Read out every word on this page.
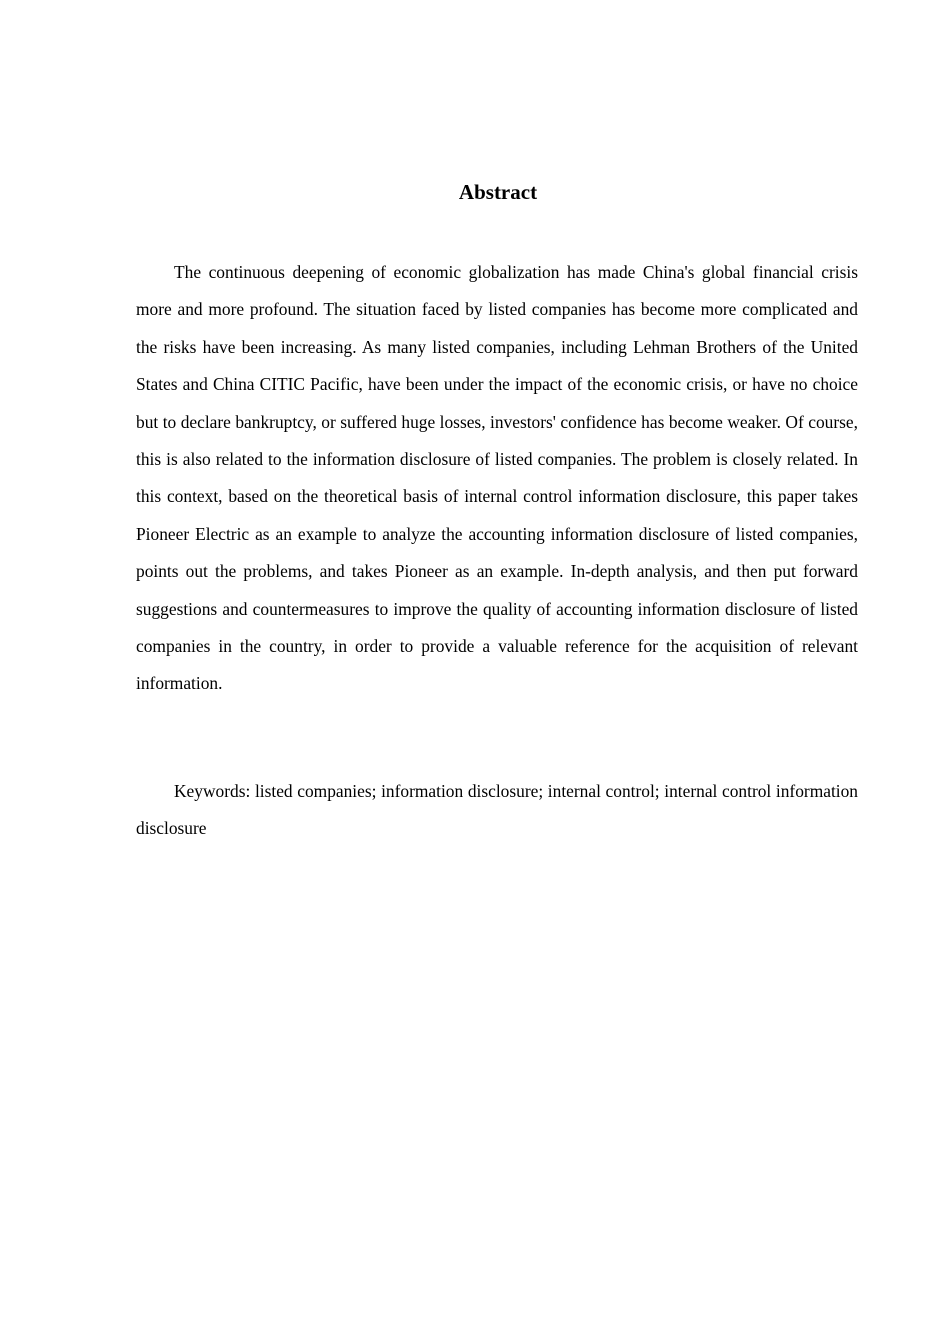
Abstract

The continuous deepening of economic globalization has made China's global financial crisis more and more profound. The situation faced by listed companies has become more complicated and the risks have been increasing. As many listed companies, including Lehman Brothers of the United States and China CITIC Pacific, have been under the impact of the economic crisis, or have no choice but to declare bankruptcy, or suffered huge losses, investors' confidence has become weaker. Of course, this is also related to the information disclosure of listed companies. The problem is closely related. In this context, based on the theoretical basis of internal control information disclosure, this paper takes Pioneer Electric as an example to analyze the accounting information disclosure of listed companies, points out the problems, and takes Pioneer as an example. In-depth analysis, and then put forward suggestions and countermeasures to improve the quality of accounting information disclosure of listed companies in the country, in order to provide a valuable reference for the acquisition of relevant information.

Keywords: listed companies; information disclosure; internal control; internal control information disclosure
